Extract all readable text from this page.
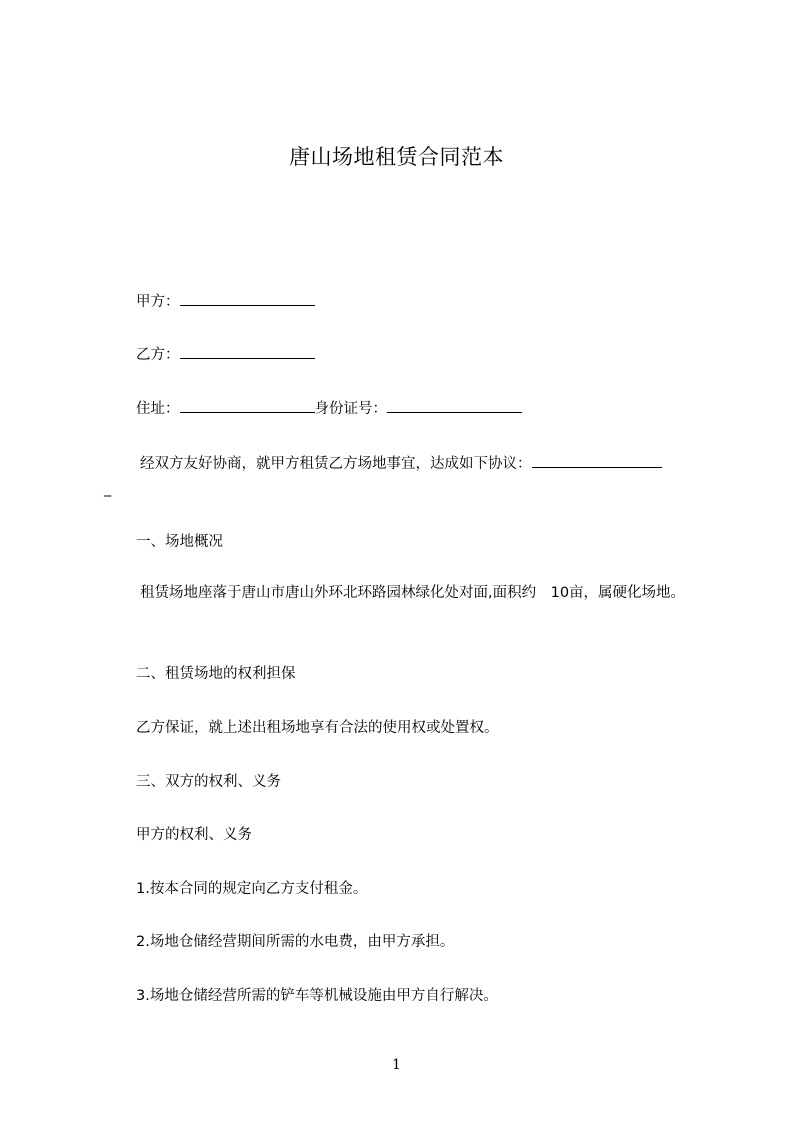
唐山场地租赁合同范本
甲方：
乙方：
住址：	身份证号：
经双方友好协商，就甲方租赁乙方场地事宜，达成如下协议：
_
一、场地概况
租赁场地座落于唐山市唐山外环北环路园林绿化处对面,面积约　10亩，属硬化场地。
二、租赁场地的权利担保
乙方保证，就上述出租场地享有合法的使用权或处置权。
三、双方的权利、义务
甲方的权利、义务
1.按本合同的规定向乙方支付租金。
2.场地仓储经营期间所需的水电费，由甲方承担。
3.场地仓储经营所需的铲车等机械设施由甲方自行解决。
1
